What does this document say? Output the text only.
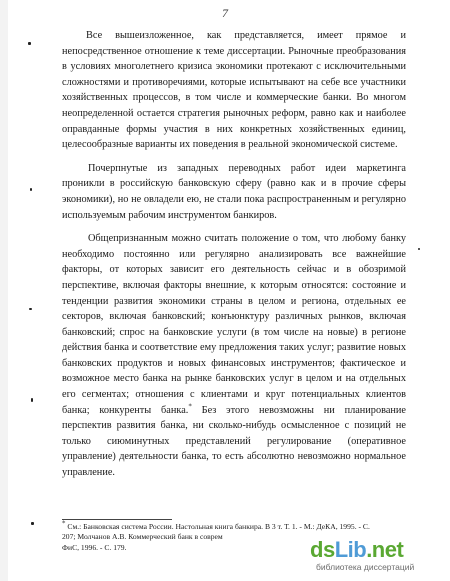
7

Все вышеизложенное, как представляется, имеет прямое и непосредственное отношение к теме диссертации. Рыночные преобразования в условиях многолетнего кризиса экономики протекают с исключительными сложностями и противоречиями, которые испытывают на себе все участники хозяйственных процессов, в том числе и коммерческие банки. Во многом неопределенной остается стратегия рыночных реформ, равно как и наиболее оправданные формы участия в них конкретных хозяйственных единиц, целесообразные варианты их поведения в реальной экономической системе.

Почерпнутые из западных переводных работ идеи маркетинга проникли в российскую банковскую сферу (равно как и в прочие сферы экономики), но не овладели ею, не стали пока распространенным и регулярно используемым рабочим инструментом банкиров.

Общепризнанным можно считать положение о том, что любому банку необходимо постоянно или регулярно анализировать все важнейшие факторы, от которых зависит его деятельность сейчас и в обозримой перспективе, включая факторы внешние, к которым относятся: состояние и тенденции развития экономики страны в целом и региона, отдельных ее секторов, включая банковский; конъюнктуру различных рынков, включая банковский; спрос на банковские услуги (в том числе на новые) в регионе действия банка и соответствие ему предложения таких услуг; развитие новых банковских продуктов и новых финансовых инструментов; фактическое и возможное место банка на рынке банковских услуг в целом и на отдельных его сегментах; отношения с клиентами и круг потенциальных клиентов банка; конкуренты банка.* Без этого невозможны ни планирование перспектив развития банка, ни сколько-нибудь осмысленное с позиций не только сиюминутных представлений регулирование (оперативное управление) деятельности банка, то есть абсолютно невозможно нормальное управление.

* См.: Банковская система России. Настольная книга банкира. В 3 т. Т. 1. - М.: ДеКА, 1995. - С. 207; Молчанов А.В. Коммерческий банк в соврем
ФиС, 1996. - С. 179.	dsLib.net
библиотека диссертаций
